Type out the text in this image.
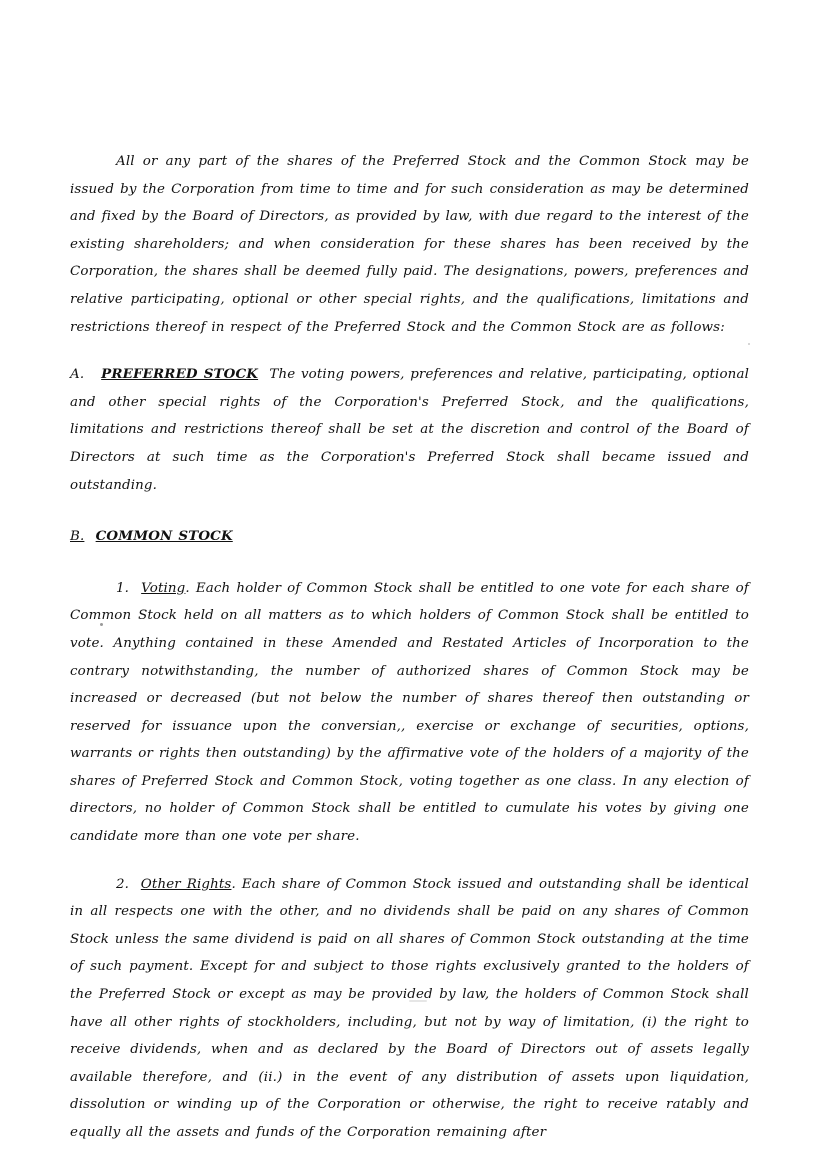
All or any part of the shares of the Preferred Stock and the Common Stock may be issued by the Corporation from time to time and for such consideration as may be determined and fixed by the Board of Directors, as provided by law, with due regard to the interest of the existing shareholders; and when consideration for these shares has been received by the Corporation, the shares shall be deemed fully paid. The designations, powers, preferences and relative participating, optional or other special rights, and the qualifications, limitations and restrictions thereof in respect of the Preferred Stock and the Common Stock are as follows:

A. PREFERRED STOCK The voting powers, preferences and relative, participating, optional and other special rights of the Corporation's Preferred Stock, and the qualifications, limitations and restrictions thereof shall be set at the discretion and control of the Board of Directors at such time as the Corporation's Preferred Stock shall became issued and outstanding.

B. COMMON STOCK

1. Voting. Each holder of Common Stock shall be entitled to one vote for each share of Common Stock held on all matters as to which holders of Common Stock shall be entitled to vote. Anything contained in these Amended and Restated Articles of Incorporation to the contrary notwithstanding, the number of authorized shares of Common Stock may be increased or decreased (but not below the number of shares thereof then outstanding or reserved for issuance upon the conversian,, exercise or exchange of securities, options, warrants or rights then outstanding) by the affirmative vote of the holders of a majority of the shares of Preferred Stock and Common Stock, voting together as one class. In any election of directors, no holder of Common Stock shall be entitled to cumulate his votes by giving one candidate more than one vote per share.

2. Other Rights. Each share of Common Stock issued and outstanding shall be identical in all respects one with the other, and no dividends shall be paid on any shares of Common Stock unless the same dividend is paid on all shares of Common Stock outstanding at the time of such payment. Except for and subject to those rights exclusively granted to the holders of the Preferred Stock or except as may be provided by law, the holders of Common Stock shall have all other rights of stockholders, including, but not by way of limitation, (i) the right to receive dividends, when and as declared by the Board of Directors out of assets legally available therefore, and (ii.) in the event of any distribution of assets upon liquidation, dissolution or winding up of the Corporation or otherwise, the right to receive ratably and equally all the assets and funds of the Corporation remaining after
